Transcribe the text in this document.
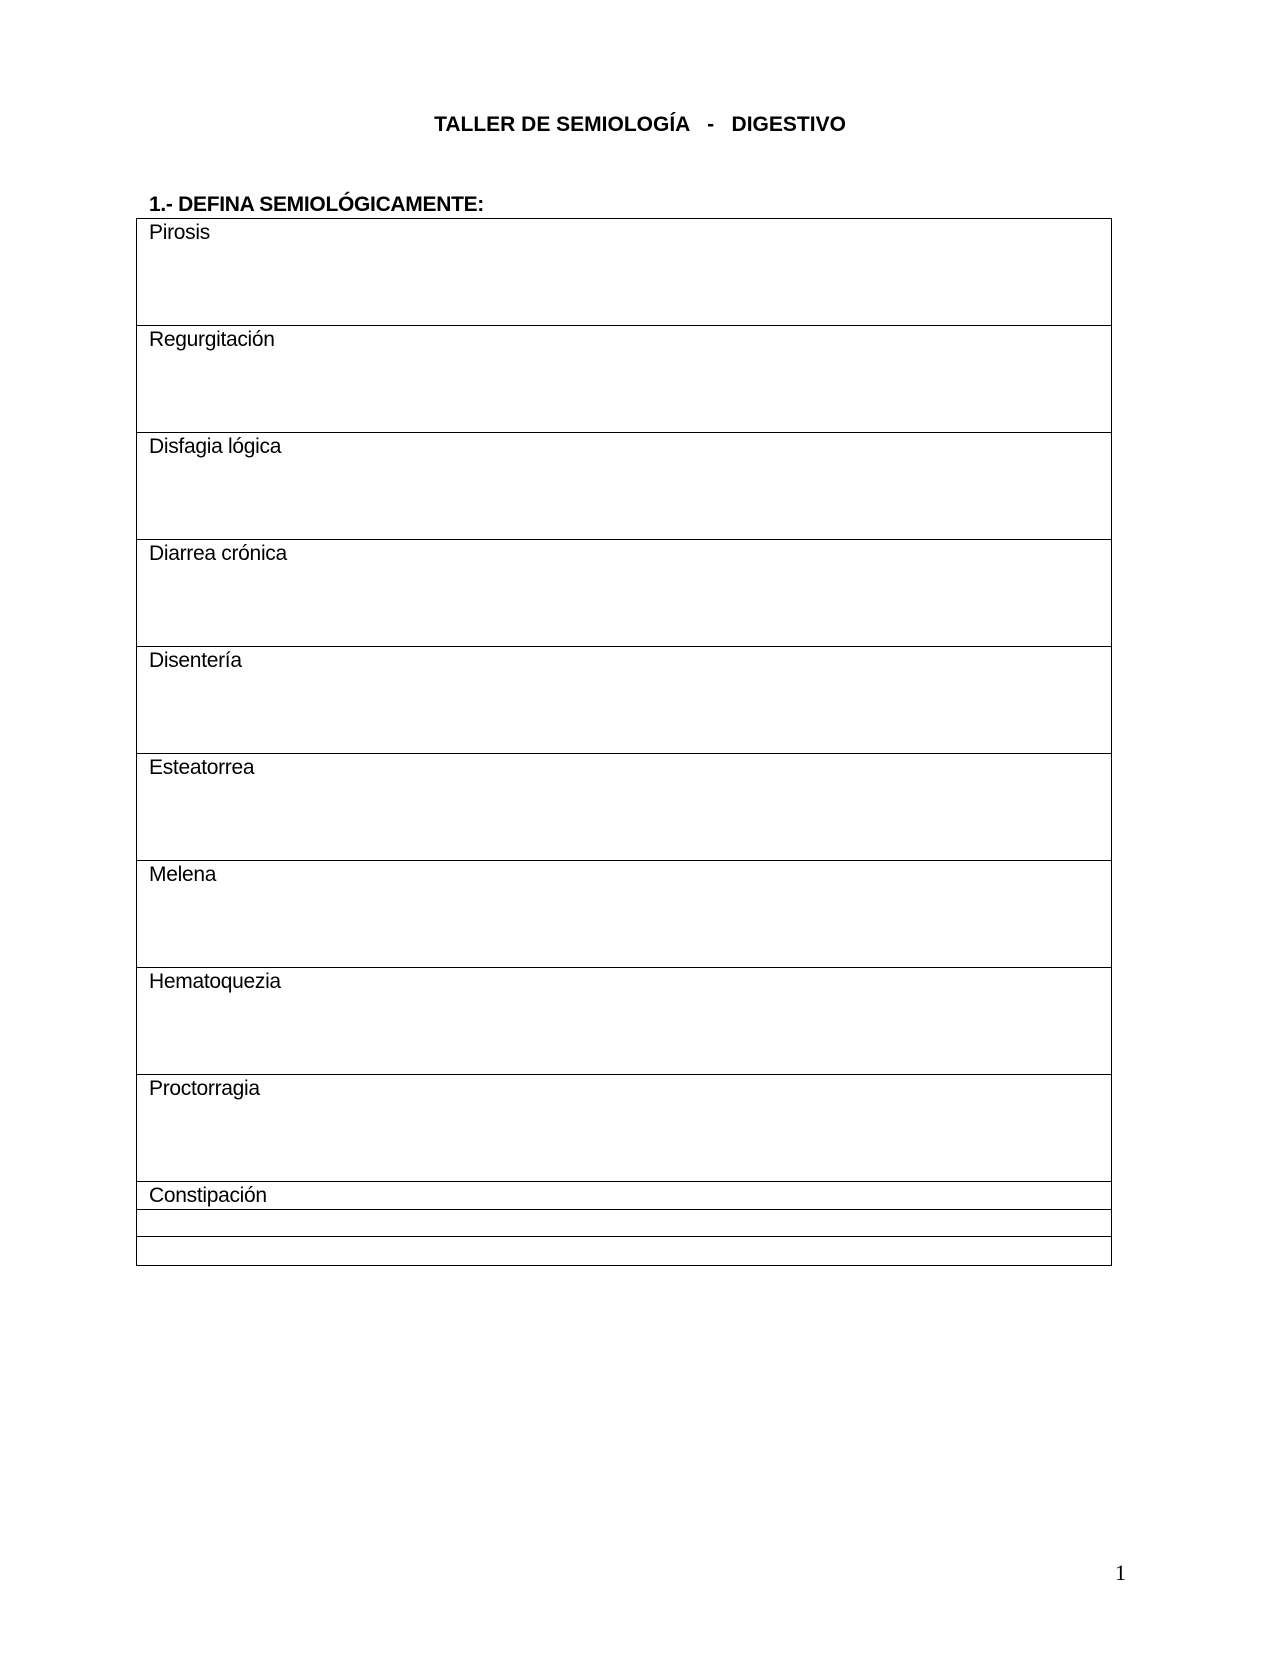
TALLER DE SEMIOLOGÍA   -   DIGESTIVO
1.- DEFINA SEMIOLÓGICAMENTE:
Pirosis
Regurgitación
Disfagia lógica
Diarrea crónica
Disentería
Esteatorrea
Melena
Hematoquezia
Proctorragia
Constipación
1
